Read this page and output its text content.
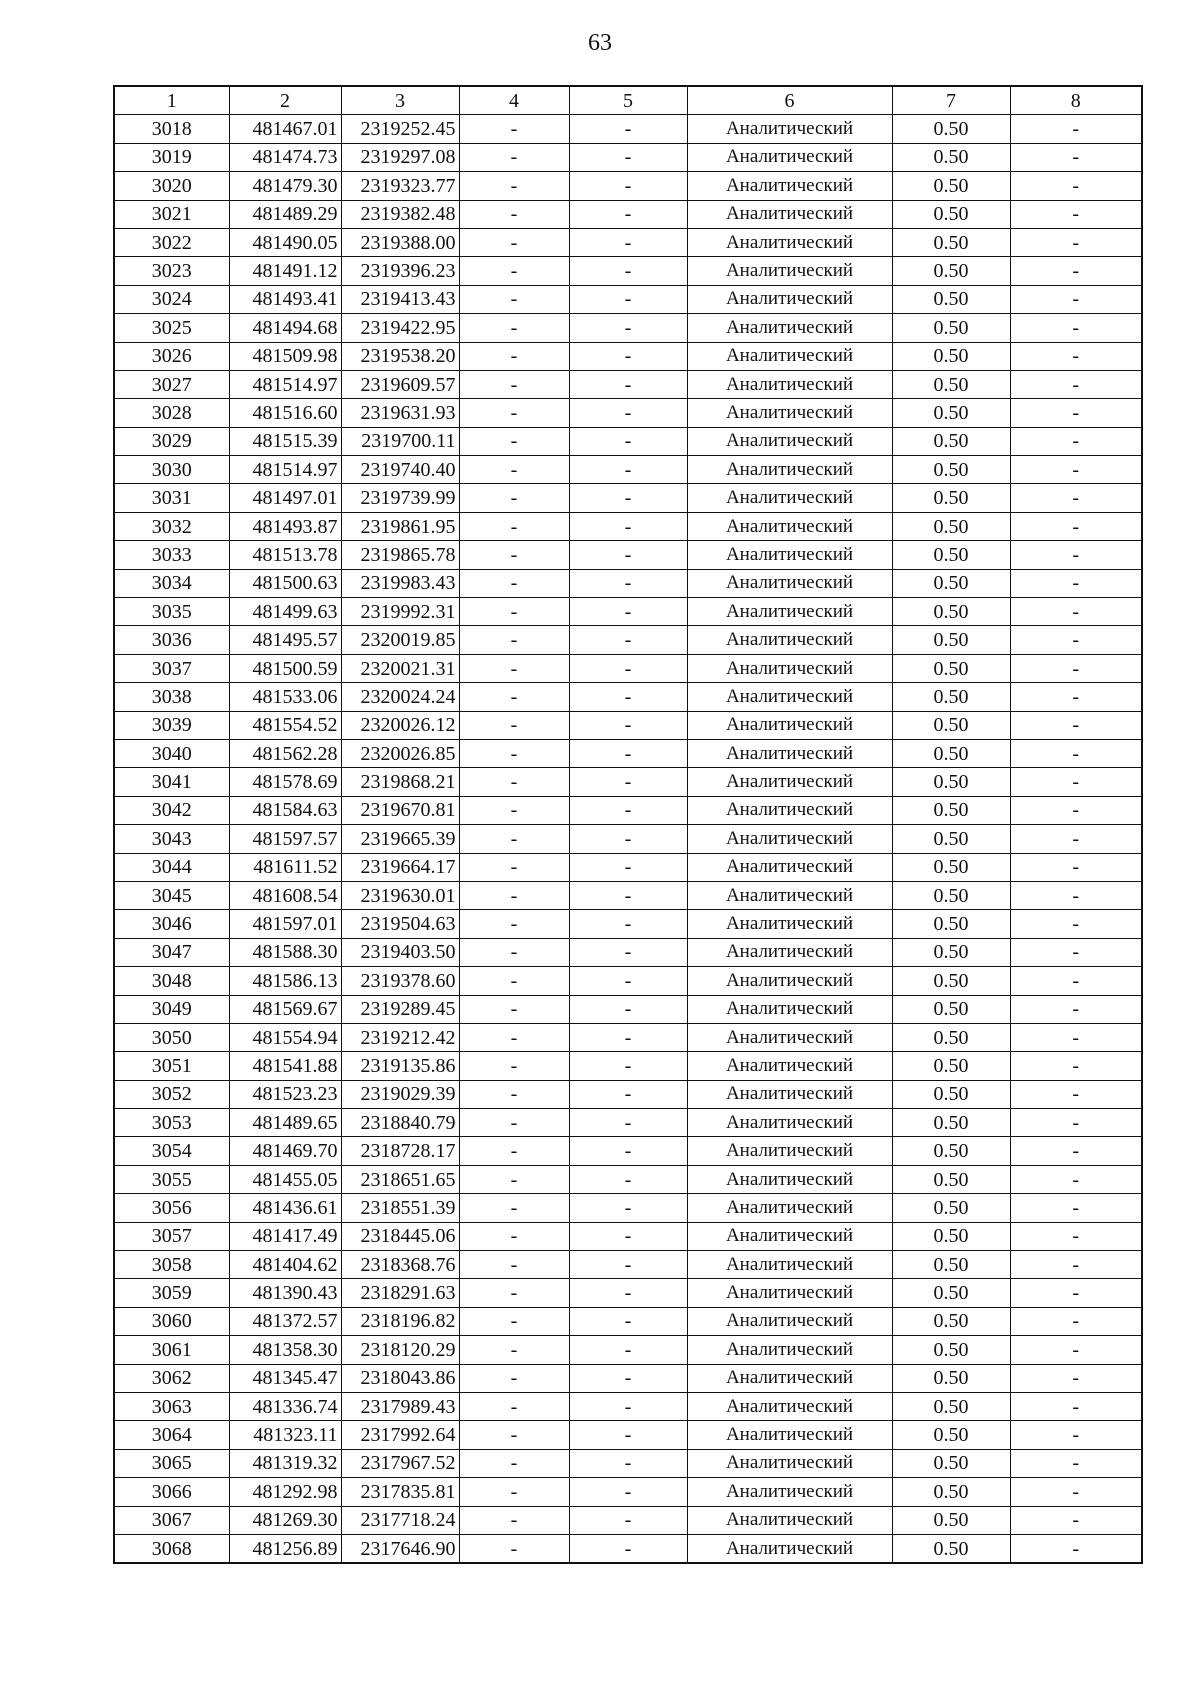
63
1	2	3	4	5	6	7	8
3018	481467.01	2319252.45	-	-	Аналитический	0.50	-
3019	481474.73	2319297.08	-	-	Аналитический	0.50	-
3020	481479.30	2319323.77	-	-	Аналитический	0.50	-
3021	481489.29	2319382.48	-	-	Аналитический	0.50	-
3022	481490.05	2319388.00	-	-	Аналитический	0.50	-
3023	481491.12	2319396.23	-	-	Аналитический	0.50	-
3024	481493.41	2319413.43	-	-	Аналитический	0.50	-
3025	481494.68	2319422.95	-	-	Аналитический	0.50	-
3026	481509.98	2319538.20	-	-	Аналитический	0.50	-
3027	481514.97	2319609.57	-	-	Аналитический	0.50	-
3028	481516.60	2319631.93	-	-	Аналитический	0.50	-
3029	481515.39	2319700.11	-	-	Аналитический	0.50	-
3030	481514.97	2319740.40	-	-	Аналитический	0.50	-
3031	481497.01	2319739.99	-	-	Аналитический	0.50	-
3032	481493.87	2319861.95	-	-	Аналитический	0.50	-
3033	481513.78	2319865.78	-	-	Аналитический	0.50	-
3034	481500.63	2319983.43	-	-	Аналитический	0.50	-
3035	481499.63	2319992.31	-	-	Аналитический	0.50	-
3036	481495.57	2320019.85	-	-	Аналитический	0.50	-
3037	481500.59	2320021.31	-	-	Аналитический	0.50	-
3038	481533.06	2320024.24	-	-	Аналитический	0.50	-
3039	481554.52	2320026.12	-	-	Аналитический	0.50	-
3040	481562.28	2320026.85	-	-	Аналитический	0.50	-
3041	481578.69	2319868.21	-	-	Аналитический	0.50	-
3042	481584.63	2319670.81	-	-	Аналитический	0.50	-
3043	481597.57	2319665.39	-	-	Аналитический	0.50	-
3044	481611.52	2319664.17	-	-	Аналитический	0.50	-
3045	481608.54	2319630.01	-	-	Аналитический	0.50	-
3046	481597.01	2319504.63	-	-	Аналитический	0.50	-
3047	481588.30	2319403.50	-	-	Аналитический	0.50	-
3048	481586.13	2319378.60	-	-	Аналитический	0.50	-
3049	481569.67	2319289.45	-	-	Аналитический	0.50	-
3050	481554.94	2319212.42	-	-	Аналитический	0.50	-
3051	481541.88	2319135.86	-	-	Аналитический	0.50	-
3052	481523.23	2319029.39	-	-	Аналитический	0.50	-
3053	481489.65	2318840.79	-	-	Аналитический	0.50	-
3054	481469.70	2318728.17	-	-	Аналитический	0.50	-
3055	481455.05	2318651.65	-	-	Аналитический	0.50	-
3056	481436.61	2318551.39	-	-	Аналитический	0.50	-
3057	481417.49	2318445.06	-	-	Аналитический	0.50	-
3058	481404.62	2318368.76	-	-	Аналитический	0.50	-
3059	481390.43	2318291.63	-	-	Аналитический	0.50	-
3060	481372.57	2318196.82	-	-	Аналитический	0.50	-
3061	481358.30	2318120.29	-	-	Аналитический	0.50	-
3062	481345.47	2318043.86	-	-	Аналитический	0.50	-
3063	481336.74	2317989.43	-	-	Аналитический	0.50	-
3064	481323.11	2317992.64	-	-	Аналитический	0.50	-
3065	481319.32	2317967.52	-	-	Аналитический	0.50	-
3066	481292.98	2317835.81	-	-	Аналитический	0.50	-
3067	481269.30	2317718.24	-	-	Аналитический	0.50	-
3068	481256.89	2317646.90	-	-	Аналитический	0.50	-
